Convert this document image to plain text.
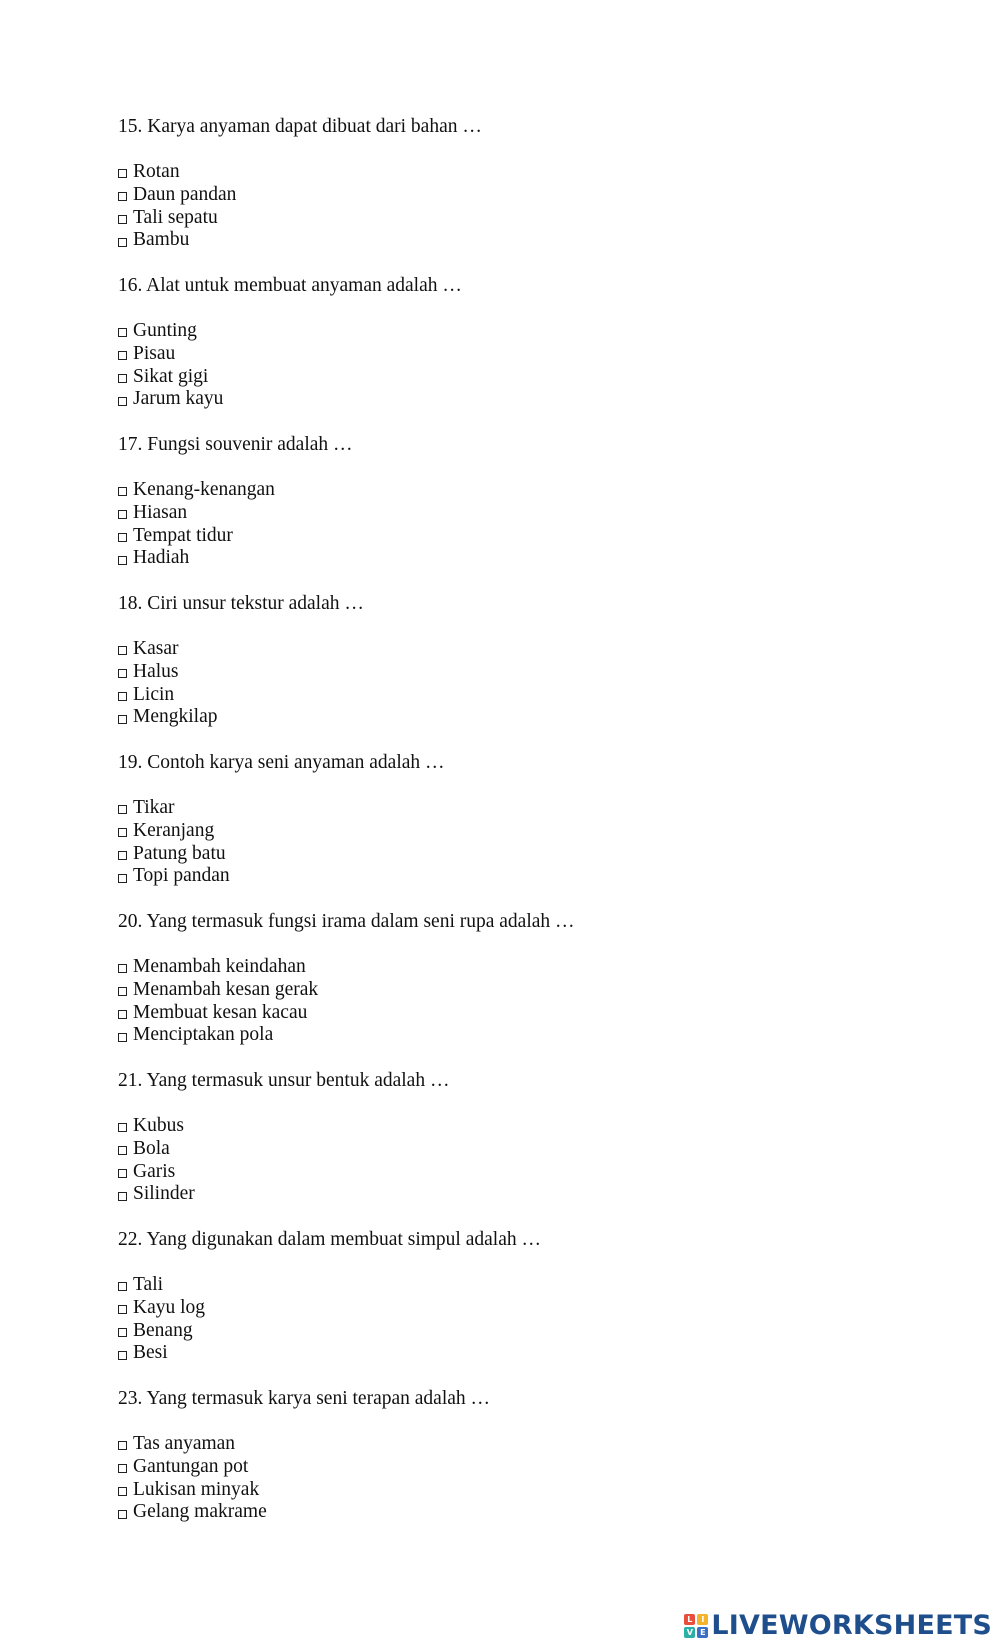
15. Karya anyaman dapat dibuat dari bahan …
Rotan
Daun pandan
Tali sepatu
Bambu
16. Alat untuk membuat anyaman adalah …
Gunting
Pisau
Sikat gigi
Jarum kayu
17. Fungsi souvenir adalah …
Kenang-kenangan
Hiasan
Tempat tidur
Hadiah
18. Ciri unsur tekstur adalah …
Kasar
Halus
Licin
Mengkilap
19. Contoh karya seni anyaman adalah …
Tikar
Keranjang
Patung batu
Topi pandan
20. Yang termasuk fungsi irama dalam seni rupa adalah …
Menambah keindahan
Menambah kesan gerak
Membuat kesan kacau
Menciptakan pola
21. Yang termasuk unsur bentuk adalah …
Kubus
Bola
Garis
Silinder
22. Yang digunakan dalam membuat simpul adalah …
Tali
Kayu log
Benang
Besi
23. Yang termasuk karya seni terapan adalah …
Tas anyaman
Gantungan pot
Lukisan minyak
Gelang makrame
L	I
V E LIVEWORKSHEETS
